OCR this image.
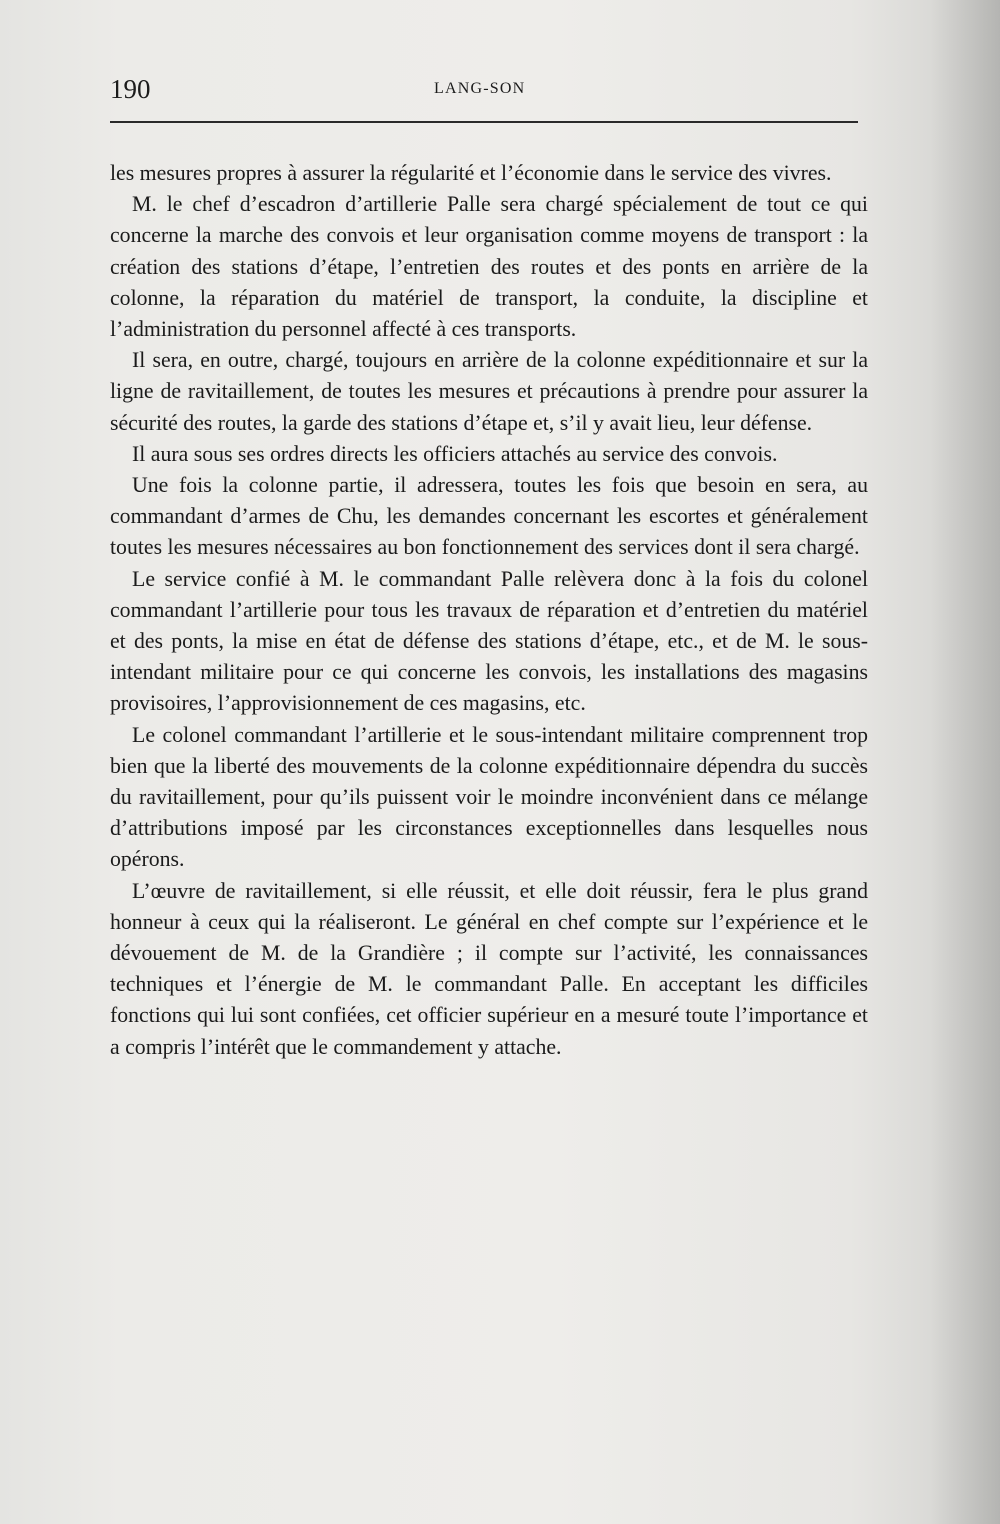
190	LANG-SON

les mesures propres à assurer la régularité et l’économie dans le service des vivres.

M. le chef d’escadron d’artillerie Palle sera chargé spécialement de tout ce qui concerne la marche des convois et leur organisation comme moyens de transport : la création des stations d’étape, l’entretien des routes et des ponts en arrière de la colonne, la réparation du matériel de transport, la conduite, la discipline et l’administration du personnel affecté à ces transports.

Il sera, en outre, chargé, toujours en arrière de la colonne expéditionnaire et sur la ligne de ravitaillement, de toutes les mesures et précautions à prendre pour assurer la sécurité des routes, la garde des stations d’étape et, s’il y avait lieu, leur défense.

Il aura sous ses ordres directs les officiers attachés au service des convois.

Une fois la colonne partie, il adressera, toutes les fois que besoin en sera, au commandant d’armes de Chu, les demandes concernant les escortes et généralement toutes les mesures nécessaires au bon fonctionnement des services dont il sera chargé.

Le service confié à M. le commandant Palle relèvera donc à la fois du colonel commandant l’artillerie pour tous les travaux de réparation et d’entretien du matériel et des ponts, la mise en état de défense des stations d’étape, etc., et de M. le sous-intendant militaire pour ce qui concerne les convois, les installations des magasins provisoires, l’approvisionnement de ces magasins, etc.

Le colonel commandant l’artillerie et le sous-intendant militaire comprennent trop bien que la liberté des mouvements de la colonne expéditionnaire dépendra du succès du ravitaillement, pour qu’ils puissent voir le moindre inconvénient dans ce mélange d’attributions imposé par les circonstances exceptionnelles dans lesquelles nous opérons.

L’œuvre de ravitaillement, si elle réussit, et elle doit réussir, fera le plus grand honneur à ceux qui la réaliseront. Le général en chef compte sur l’expérience et le dévouement de M. de la Grandière ; il compte sur l’activité, les connaissances techniques et l’énergie de M. le commandant Palle. En acceptant les difficiles fonctions qui lui sont confiées, cet officier supérieur en a mesuré toute l’importance et a compris l’intérêt que le commandement y attache.
